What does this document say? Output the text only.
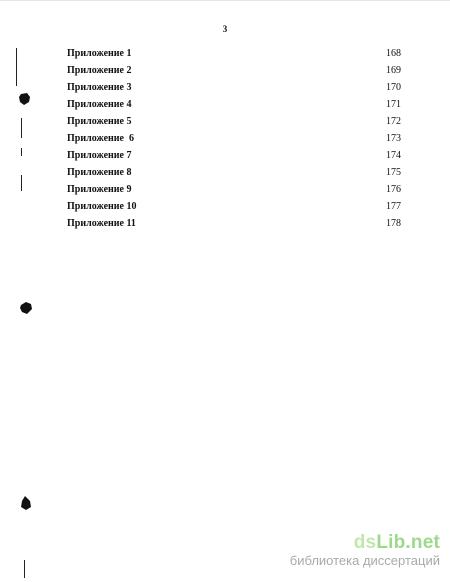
3
Приложение 1	168
Приложение 2	169
Приложение 3	170
Приложение 4	171
Приложение 5	172
Приложение  6	173
Приложение 7	174
Приложение 8	175
Приложение 9	176
Приложение 10	177
Приложение 11	178
dsLib.net
библиотека диссертаций
